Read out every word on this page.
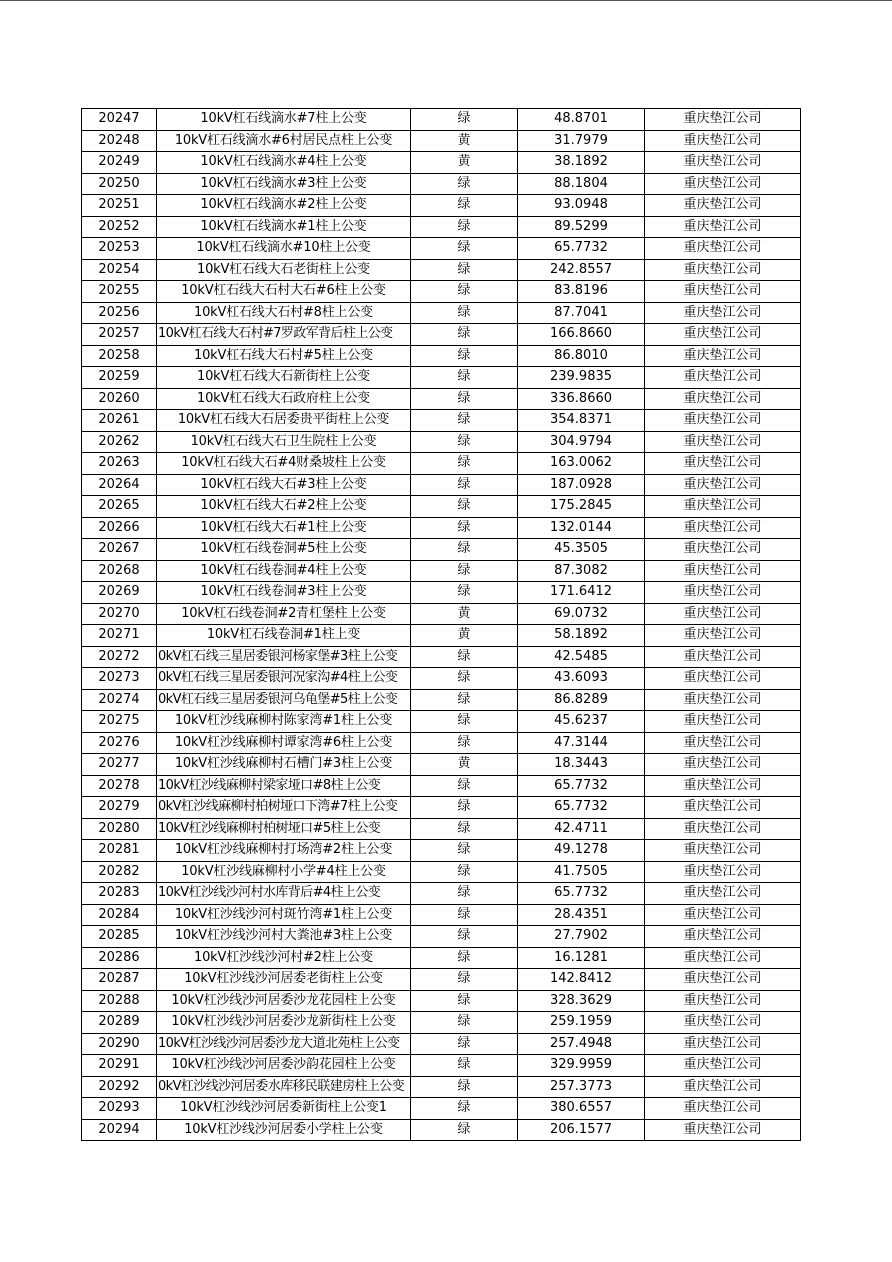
20247	10kV杠石线滴水#7柱上公变	绿	48.8701	重庆垫江公司
20248	10kV杠石线滴水#6村居民点柱上公变	黄	31.7979	重庆垫江公司
20249	10kV杠石线滴水#4柱上公变	黄	38.1892	重庆垫江公司
20250	10kV杠石线滴水#3柱上公变	绿	88.1804	重庆垫江公司
20251	10kV杠石线滴水#2柱上公变	绿	93.0948	重庆垫江公司
20252	10kV杠石线滴水#1柱上公变	绿	89.5299	重庆垫江公司
20253	10kV杠石线滴水#10柱上公变	绿	65.7732	重庆垫江公司
20254	10kV杠石线大石老街柱上公变	绿	242.8557	重庆垫江公司
20255	10kV杠石线大石村大石#6柱上公变	绿	83.8196	重庆垫江公司
20256	10kV杠石线大石村#8柱上公变	绿	87.7041	重庆垫江公司
20257	10kV杠石线大石村#7罗政军背后柱上公变	绿	166.8660	重庆垫江公司
20258	10kV杠石线大石村#5柱上公变	绿	86.8010	重庆垫江公司
20259	10kV杠石线大石新街柱上公变	绿	239.9835	重庆垫江公司
20260	10kV杠石线大石政府柱上公变	绿	336.8660	重庆垫江公司
20261	10kV杠石线大石居委贵平街柱上公变	绿	354.8371	重庆垫江公司
20262	10kV杠石线大石卫生院柱上公变	绿	304.9794	重庆垫江公司
20263	10kV杠石线大石#4财桑坡柱上公变	绿	163.0062	重庆垫江公司
20264	10kV杠石线大石#3柱上公变	绿	187.0928	重庆垫江公司
20265	10kV杠石线大石#2柱上公变	绿	175.2845	重庆垫江公司
20266	10kV杠石线大石#1柱上公变	绿	132.0144	重庆垫江公司
20267	10kV杠石线卷洞#5柱上公变	绿	45.3505	重庆垫江公司
20268	10kV杠石线卷洞#4柱上公变	绿	87.3082	重庆垫江公司
20269	10kV杠石线卷洞#3柱上公变	绿	171.6412	重庆垫江公司
20270	10kV杠石线卷洞#2青杠堡柱上公变	黄	69.0732	重庆垫江公司
20271	10kV杠石线卷洞#1柱上变	黄	58.1892	重庆垫江公司
20272	0kV杠石线三星居委银河杨家堡#3柱上公变	绿	42.5485	重庆垫江公司
20273	0kV杠石线三星居委银河况家沟#4柱上公变	绿	43.6093	重庆垫江公司
20274	0kV杠石线三星居委银河乌龟堡#5柱上公变	绿	86.8289	重庆垫江公司
20275	10kV杠沙线麻柳村陈家湾#1柱上公变	绿	45.6237	重庆垫江公司
20276	10kV杠沙线麻柳村谭家湾#6柱上公变	绿	47.3144	重庆垫江公司
20277	10kV杠沙线麻柳村石槽门#3柱上公变	黄	18.3443	重庆垫江公司
20278	10kV杠沙线麻柳村梁家垭口#8柱上公变	绿	65.7732	重庆垫江公司
20279	0kV杠沙线麻柳村柏树垭口下湾#7柱上公变	绿	65.7732	重庆垫江公司
20280	10kV杠沙线麻柳村柏树垭口#5柱上公变	绿	42.4711	重庆垫江公司
20281	10kV杠沙线麻柳村打场湾#2柱上公变	绿	49.1278	重庆垫江公司
20282	10kV杠沙线麻柳村小学#4柱上公变	绿	41.7505	重庆垫江公司
20283	10kV杠沙线沙河村水库背后#4柱上公变	绿	65.7732	重庆垫江公司
20284	10kV杠沙线沙河村斑竹湾#1柱上公变	绿	28.4351	重庆垫江公司
20285	10kV杠沙线沙河村大粪池#3柱上公变	绿	27.7902	重庆垫江公司
20286	10kV杠沙线沙河村#2柱上公变	绿	16.1281	重庆垫江公司
20287	10kV杠沙线沙河居委老街柱上公变	绿	142.8412	重庆垫江公司
20288	10kV杠沙线沙河居委沙龙花园柱上公变	绿	328.3629	重庆垫江公司
20289	10kV杠沙线沙河居委沙龙新街柱上公变	绿	259.1959	重庆垫江公司
20290	10kV杠沙线沙河居委沙龙大道北苑柱上公变	绿	257.4948	重庆垫江公司
20291	10kV杠沙线沙河居委沙韵花园柱上公变	绿	329.9959	重庆垫江公司
20292	0kV杠沙线沙河居委水库移民联建房柱上公变	绿	257.3773	重庆垫江公司
20293	10kV杠沙线沙河居委新街柱上公变1	绿	380.6557	重庆垫江公司
20294	10kV杠沙线沙河居委小学柱上公变	绿	206.1577	重庆垫江公司
